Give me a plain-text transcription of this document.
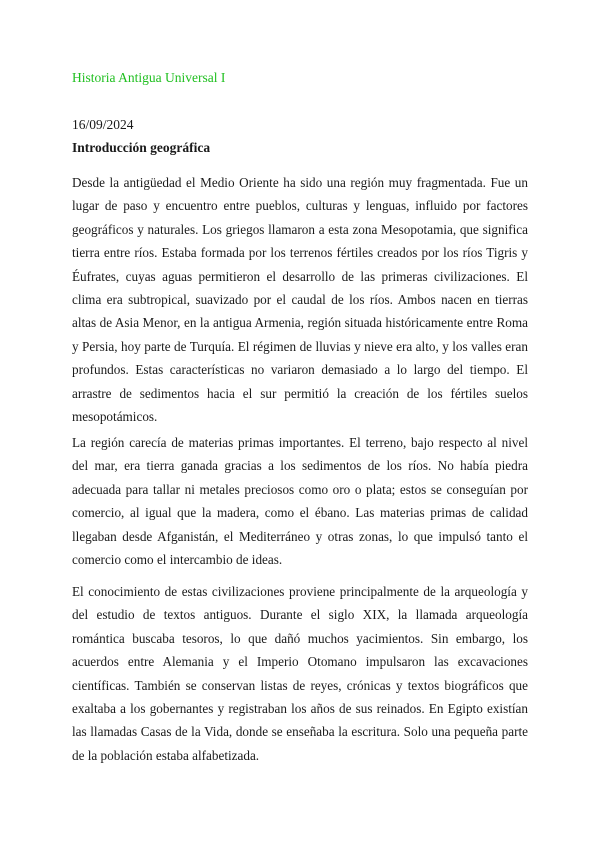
Historia Antigua Universal I
16/09/2024
Introducción geográfica

Desde la antigüedad el Medio Oriente ha sido una región muy fragmentada. Fue un lugar de paso y encuentro entre pueblos, culturas y lenguas, influido por factores geográficos y naturales. Los griegos llamaron a esta zona Mesopotamia, que significa tierra entre ríos. Estaba formada por los terrenos fértiles creados por los ríos Tigris y Éufrates, cuyas aguas permitieron el desarrollo de las primeras civilizaciones. El clima era subtropical, suavizado por el caudal de los ríos. Ambos nacen en tierras altas de Asia Menor, en la antigua Armenia, región situada históricamente entre Roma y Persia, hoy parte de Turquía. El régimen de lluvias y nieve era alto, y los valles eran profundos. Estas características no variaron demasiado a lo largo del tiempo. El arrastre de sedimentos hacia el sur permitió la creación de los fértiles suelos mesopotámicos.

La región carecía de materias primas importantes. El terreno, bajo respecto al nivel del mar, era tierra ganada gracias a los sedimentos de los ríos. No había piedra adecuada para tallar ni metales preciosos como oro o plata; estos se conseguían por comercio, al igual que la madera, como el ébano. Las materias primas de calidad llegaban desde Afganistán, el Mediterráneo y otras zonas, lo que impulsó tanto el comercio como el intercambio de ideas.

El conocimiento de estas civilizaciones proviene principalmente de la arqueología y del estudio de textos antiguos. Durante el siglo XIX, la llamada arqueología romántica buscaba tesoros, lo que dañó muchos yacimientos. Sin embargo, los acuerdos entre Alemania y el Imperio Otomano impulsaron las excavaciones científicas. También se conservan listas de reyes, crónicas y textos biográficos que exaltaba a los gobernantes y registraban los años de sus reinados. En Egipto existían las llamadas Casas de la Vida, donde se enseñaba la escritura. Solo una pequeña parte de la población estaba alfabetizada.
